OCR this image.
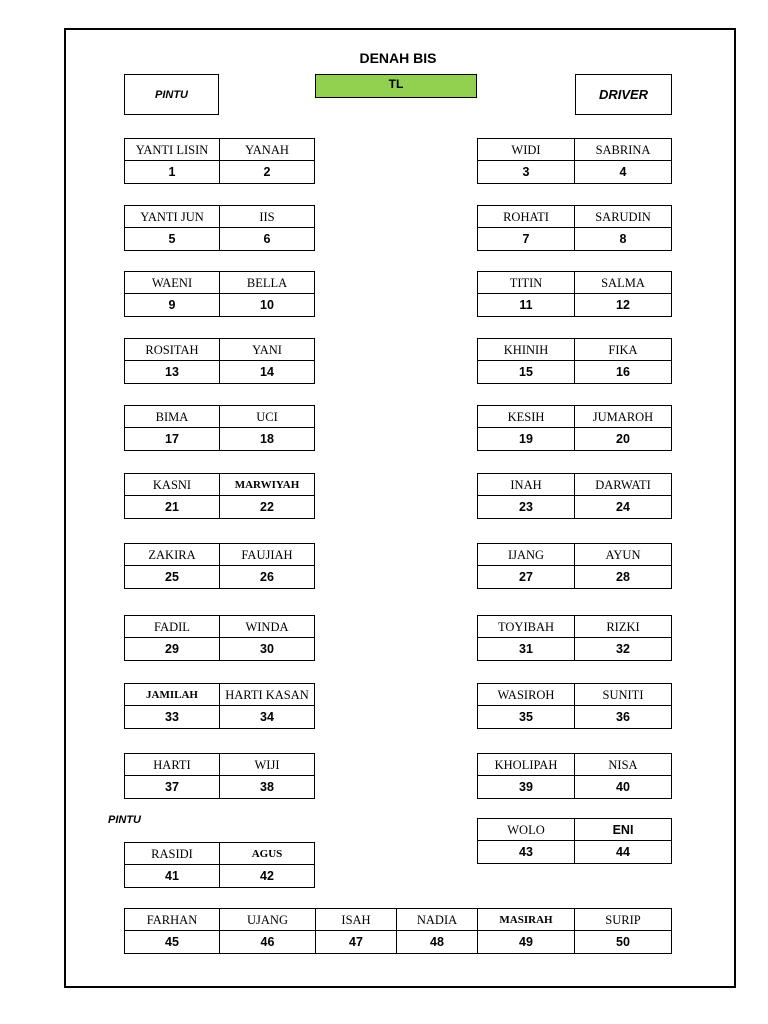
DENAH BIS
PINTU
TL
DRIVER
PINTU
YANTI LISIN
1
YANAH
2
WIDI
3
SABRINA
4
YANTI JUN
5
IIS
6
ROHATI
7
SARUDIN
8
WAENI
9
BELLA
10
TITIN
11
SALMA
12
ROSITAH
13
YANI
14
KHINIH
15
FIKA
16
BIMA
17
UCI
18
KESIH
19
JUMAROH
20
KASNI
21
MARWIYAH
22
INAH
23
DARWATI
24
ZAKIRA
25
FAUJIAH
26
IJANG
27
AYUN
28
FADIL
29
WINDA
30
TOYIBAH
31
RIZKI
32
JAMILAH
33
HARTI KASAN
34
WASIROH
35
SUNITI
36
HARTI
37
WIJI
38
KHOLIPAH
39
NISA
40
RASIDI
41
AGUS
42
WOLO
43
ENI
44
FARHAN
45
UJANG
46
ISAH
47
NADIA
48
MASIRAH
49
SURIP
50
